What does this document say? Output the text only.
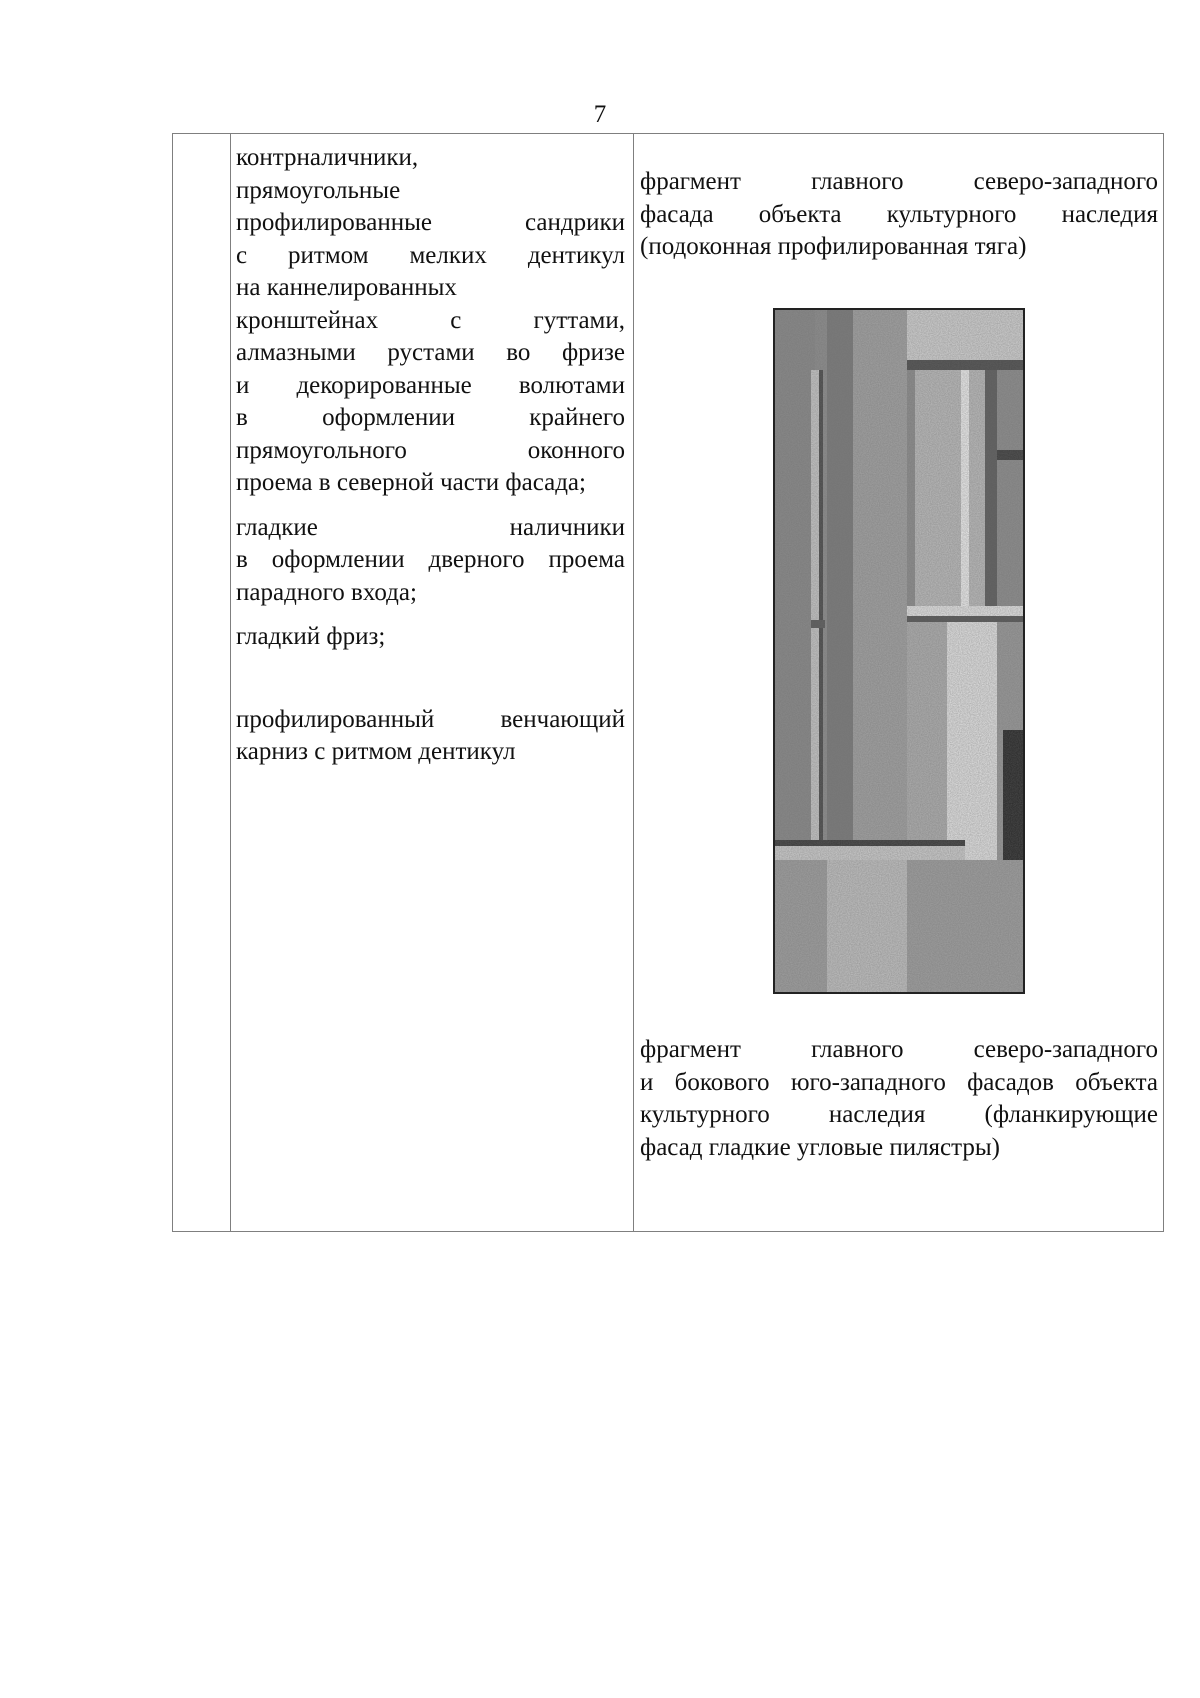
7
контрналичники,
прямоугольные
профилированные сандрики
с ритмом мелких дентикул
на каннелированных
кронштейнах с гуттами,
алмазными рустами во фризе
и декорированные волютами
в оформлении крайнего
прямоугольного оконного
проема в северной части фасада;
гладкие наличники
в оформлении дверного проема
парадного входа;
гладкий фриз;
профилированный венчающий
карниз с ритмом дентикул
фрагмент главного северо-западного
фасада объекта культурного наследия
(подоконная профилированная тяга)
фрагмент главного северо-западного
и бокового юго-западного фасадов объекта
культурного наследия (фланкирующие
фасад гладкие угловые пилястры)
